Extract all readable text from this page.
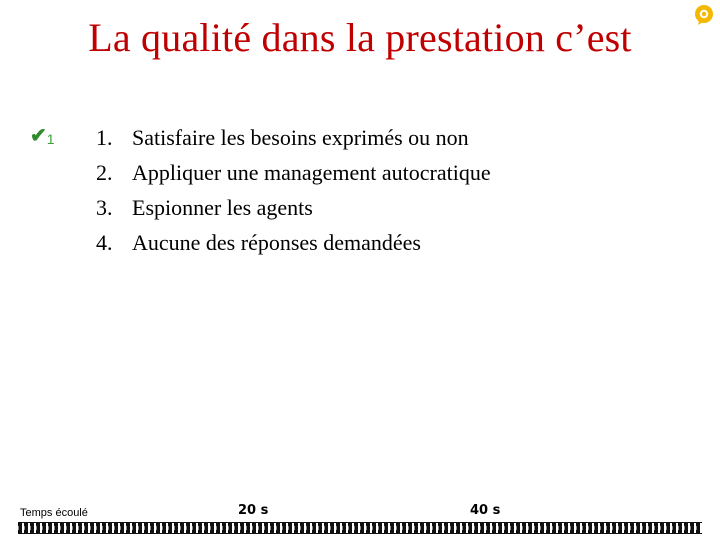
La qualité dans la prestation c’est
✔1 1. Satisfaire les besoins exprimés ou non
2. Appliquer une management autocratique
3. Espionner les agents
4. Aucune des réponses demandées
Temps écoulé	20 s	40 s
